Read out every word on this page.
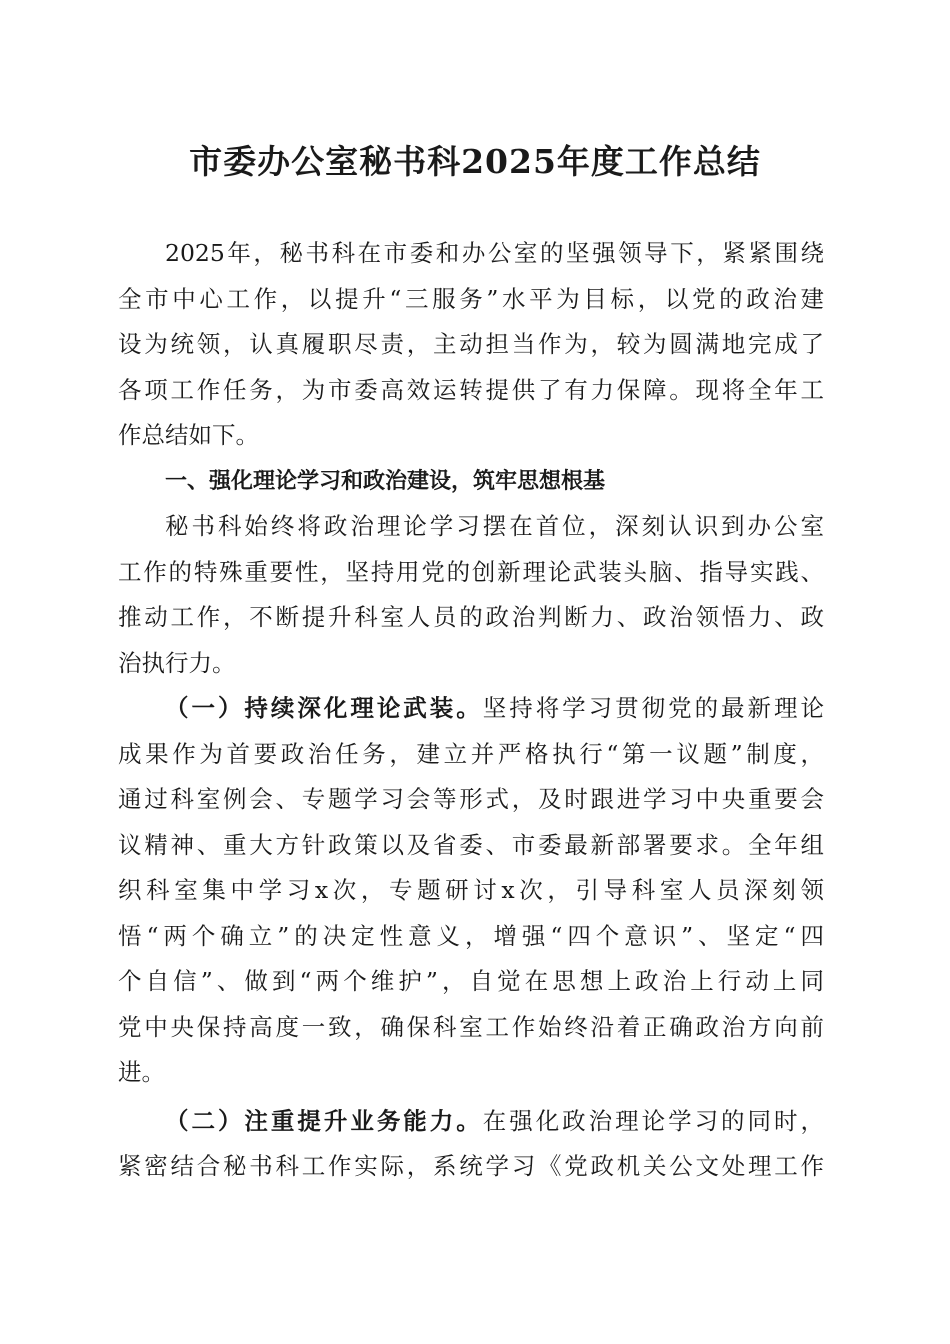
市委办公室秘书科2025年度工作总结
2025年，秘书科在市委和办公室的坚强领导下，紧紧围绕
全市中心工作，以提升“三服务”水平为目标，以党的政治建
设为统领，认真履职尽责，主动担当作为，较为圆满地完成了
各项工作任务，为市委高效运转提供了有力保障。现将全年工
作总结如下。
一、强化理论学习和政治建设，筑牢思想根基
秘书科始终将政治理论学习摆在首位，深刻认识到办公室
工作的特殊重要性，坚持用党的创新理论武装头脑、指导实践、
推动工作，不断提升科室人员的政治判断力、政治领悟力、政
治执行力。
（一）持续深化理论武装。坚持将学习贯彻党的最新理论
成果作为首要政治任务，建立并严格执行“第一议题”制度，
通过科室例会、专题学习会等形式，及时跟进学习中央重要会
议精神、重大方针政策以及省委、市委最新部署要求。全年组
织科室集中学习x次，专题研讨x次，引导科室人员深刻领
悟“两个确立”的决定性意义，增强“四个意识”、坚定“四
个自信”、做到“两个维护”，自觉在思想上政治上行动上同
党中央保持高度一致，确保科室工作始终沿着正确政治方向前
进。
（二）注重提升业务能力。在强化政治理论学习的同时，
紧密结合秘书科工作实际，系统学习《党政机关公文处理工作
